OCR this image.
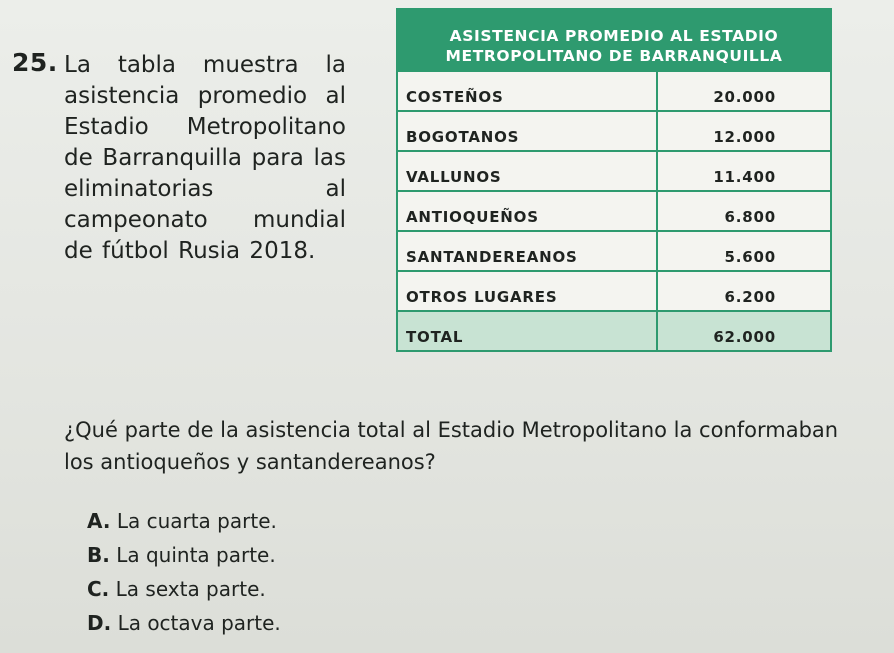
25. La tabla muestra la asistencia promedio al Estadio Metropolitano de Barranquilla para las eliminatorias al campeonato mundial de fútbol Rusia 2018.
ASISTENCIA PROMEDIO AL ESTADIO
METROPOLITANO DE BARRANQUILLA
COSTEÑOS	20.000
BOGOTANOS	12.000
VALLUNOS	11.400
ANTIOQUEÑOS	6.800
SANTANDEREANOS	5.600
OTROS LUGARES	6.200
TOTAL	62.000
¿Qué parte de la asistencia total al Estadio Metropolitano la conformaban los antioqueños y santandereanos?
A. La cuarta parte.
B. La quinta parte.
C. La sexta parte.
D. La octava parte.
